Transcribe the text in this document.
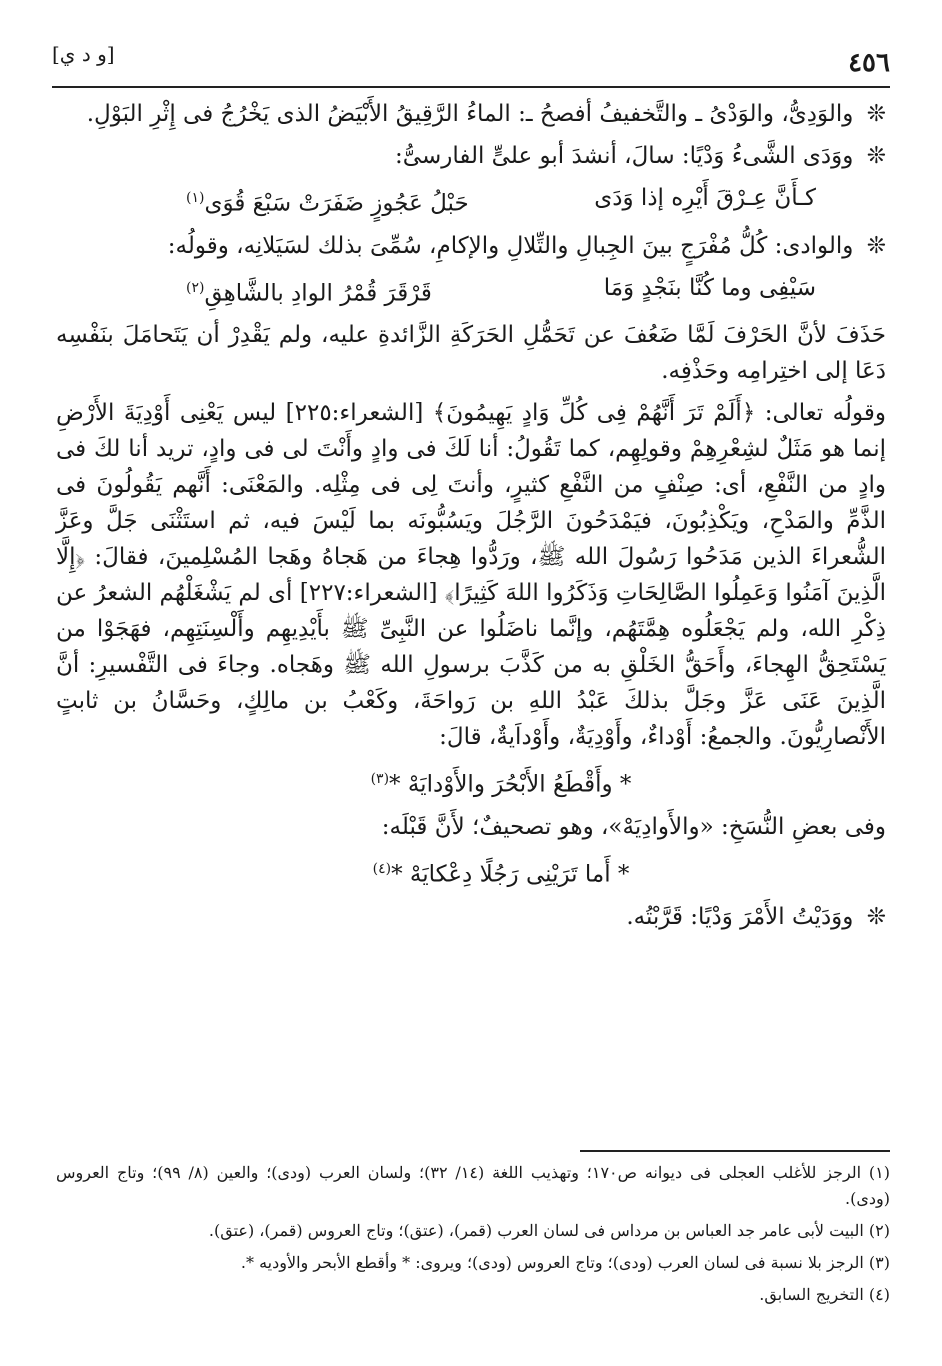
٤٥٦
[و د ي]

❊ والوَدِىُّ، والوَدْىُ ـ والتَّخفيفُ أفصحُ ـ: الماءُ الرَّقِيقُ الأَبْيَضُ الذى يَخْرُجُ فى إِثْرِ البَوْلِ.

❊ ووَدَى الشَّىءُ وَدْيًا: سالَ، أنشدَ أبو علىٍّ الفارسىُّ:

كـأَنَّ عِـرْقَ أَيْرِه إذا وَدَى
حَبْلُ عَجُوزٍ ضَفَرَتْ سَبْعَ قُوَى$^{(١)}$

❊ والوادى: كُلُّ مُفْرَجٍ بينَ الجِبالِ والتِّلالِ والإكامِ، سُمِّىَ بذلك لسَيَلانِه، وقولُه:

سَيْفِى وما كُنَّا بنَجْدٍ وَمَا
قَرْقَرَ قُمْرُ الوادِ بالشَّاهِقِ$^{(٢)}$

حَذَفَ لأنَّ الحَرْفَ لَمَّا ضَعُفَ عن تَحَمُّلِ الحَرَكَةِ الزَّائدةِ عليه، ولم يَقْدِرْ أن يَتَحامَلَ بنَفْسِه دَعَا إلى اختِرامِه وحَذْفِه.

وقولُه تعالى: ﴿أَلَمْ تَرَ أَنَّهُمْ فِى كُلِّ وَادٍ يَهِيمُونَ﴾ [الشعراء:٢٢٥] ليس يَعْنِى أَوْدِيَةَ الأَرْضِ إنما هو مَثَلٌ لشِعْرِهِمْ وقولِهِم، كما تَقُولُ: أنا لَكَ فى وادٍ وأَنْتَ لى فى وادٍ، تريد أنا لكَ فى وادٍ من النَّفْعِ، أى: صِنْفٍ من النَّفْعِ كثيرٍ، وأنتَ لِى فى مِثْلِه. والمَعْنَى: أَنَّهم يَقُولُونَ فى الذَّمِّ والمَدْحِ، ويَكْذِبُونَ، فيَمْدَحُونَ الرَّجُلَ ويَسُبُّونَه بما لَيْسَ فيه، ثم استَثْنَى جَلَّ وعَزَّ الشُّعراءَ الذين مَدَحُوا رَسُولَ الله ﷺ، ورَدُّوا هِجاءَ من هَجاهُ وهَجا المُسْلِمينَ، فقالَ: ﴿إِلَّا الَّذِينَ آمَنُوا وَعَمِلُوا الصَّالِحَاتِ وَذَكَرُوا اللهَ كَثِيرًا﴾ [الشعراء:٢٢٧] أى لم يَشْغَلْهُم الشعرُ عن ذِكْرِ الله، ولم يَجْعَلُوه هِمَّتَهُم، وإنَّما ناضَلُوا عن النَّبِىِّ ﷺ بأَيْدِيهِم وأَلْسِنَتِهِم، فهَجَوْا من يَسْتَحِقُّ الهِجاءَ، وأَحَقُّ الخَلْقِ به من كَذَّبَ برسولِ الله ﷺ وهَجاه. وجاءَ فى التَّفْسيرِ: أنَّ الَّذِينَ عَنَى عَزَّ وجَلَّ بذلكَ عَبْدُ اللهِ بن رَواحَةَ، وكَعْبُ بن مالِكٍ، وحَسَّانُ بن ثابتٍ الأَنْصارِيُّونَ. والجمعُ: أَوْداءٌ، وأَوْدِيَةٌ، وأَوْداَيةٌ، قالَ:

* وأَقْطَعُ الأَبْحُرَ والأَوْدايَهْ *$^{(٣)}$

وفى بعضِ النُّسَخِ: «والأَوادِيَهْ»، وهو تصحيفٌ؛ لأَنَّ قَبْلَه:

* أَما تَرَيْنِى رَجُلًا دِعْكايَهْ *$^{(٤)}$

❊ ووَدَيْتُ الأَمْرَ وَدْيًا: قَرَّبْتُه.

(١) الرجز للأغلب العجلى فى ديوانه ص١٧٠؛ وتهذيب اللغة (١٤/ ٣٢)؛ ولسان العرب (ودى)؛ والعين (٨/ ٩٩)؛ وتاج العروس (ودى).

(٢) البيت لأبى عامر جد العباس بن مرداس فى لسان العرب (قمر)، (عتق)؛ وتاج العروس (قمر)، (عتق).

(٣) الرجز بلا نسبة فى لسان العرب (ودى)؛ وتاج العروس (ودى)؛ ويروى: * وأقطع الأبحر والأوديه *.

(٤) التخريج السابق.
